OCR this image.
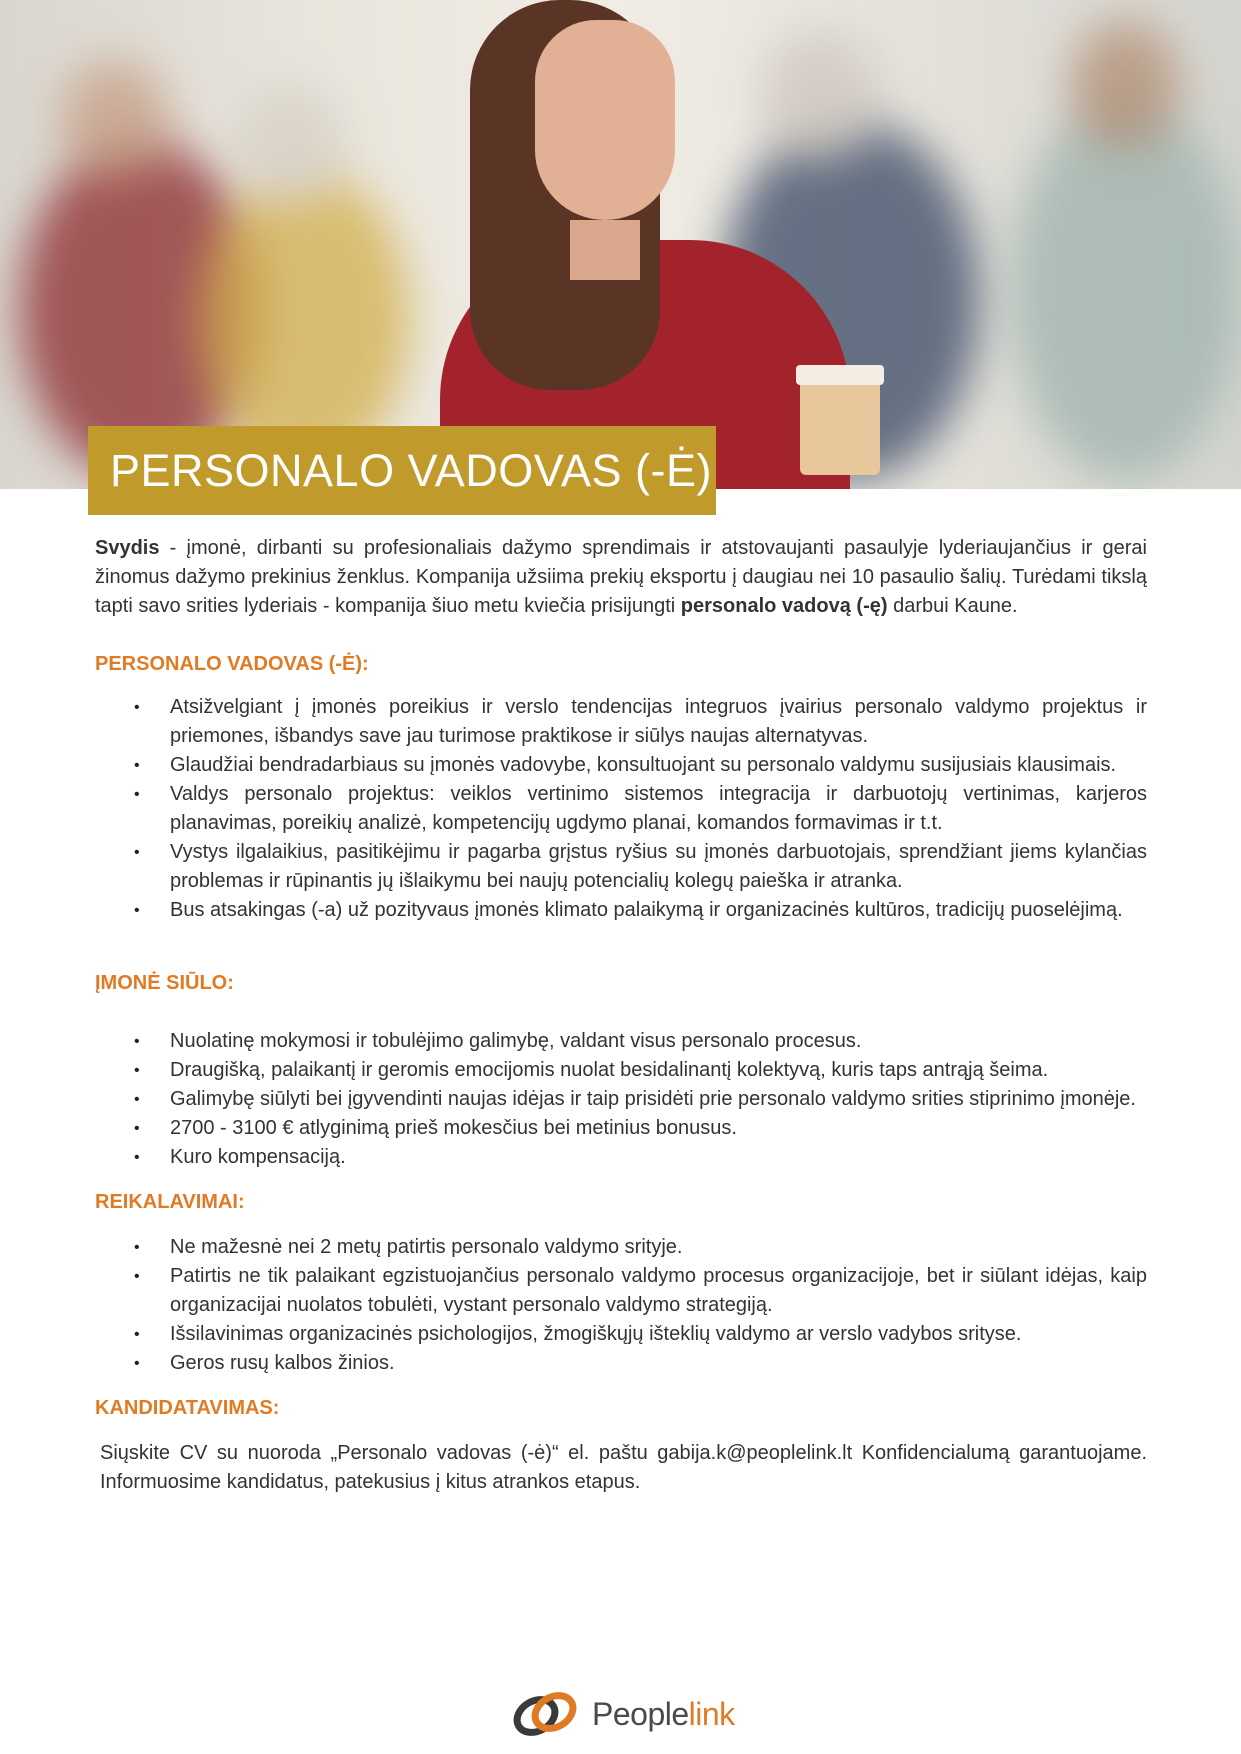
PERSONALO VADOVAS (-Ė)

Svydis - įmonė, dirbanti su profesionaliais dažymo sprendimais ir atstovaujanti pasaulyje lyderiaujančius ir gerai žinomus dažymo prekinius ženklus. Kompanija užsiima prekių eksportu į daugiau nei 10 pasaulio šalių. Turėdami tikslą tapti savo srities lyderiais - kompanija šiuo metu kviečia prisijungti personalo vadovą (-ę) darbui Kaune.

PERSONALO VADOVAS (-Ė):
• Atsižvelgiant į įmonės poreikius ir verslo tendencijas integruos įvairius personalo valdymo projektus ir priemones, išbandys save jau turimose praktikose ir siūlys naujas alternatyvas.
• Glaudžiai bendradarbiaus su įmonės vadovybe, konsultuojant su personalo valdymu susijusiais klausimais.
• Valdys personalo projektus: veiklos vertinimo sistemos integracija ir darbuotojų vertinimas, karjeros planavimas, poreikių analizė, kompetencijų ugdymo planai, komandos formavimas ir t.t.
• Vystys ilgalaikius, pasitikėjimu ir pagarba grįstus ryšius su įmonės darbuotojais, sprendžiant jiems kylančias problemas ir rūpinantis jų išlaikymu bei naujų potencialių kolegų paieška ir atranka.
• Bus atsakingas (-a) už pozityvaus įmonės klimato palaikymą ir organizacinės kultūros, tradicijų puoselėjimą.
ĮMONĖ SIŪLO:
• Nuolatinę mokymosi ir tobulėjimo galimybę, valdant visus personalo procesus.
• Draugišką, palaikantį ir geromis emocijomis nuolat besidalinantį kolektyvą, kuris taps antrąją šeima.
• Galimybę siūlyti bei įgyvendinti naujas idėjas ir taip prisidėti prie personalo valdymo srities stiprinimo įmonėje.
• 2700 - 3100 € atlyginimą prieš mokesčius bei metinius bonusus.
• Kuro kompensaciją.
REIKALAVIMAI:
• Ne mažesnė nei 2 metų patirtis personalo valdymo srityje.
• Patirtis ne tik palaikant egzistuojančius personalo valdymo procesus organizacijoje, bet ir siūlant idėjas, kaip organizacijai nuolatos tobulėti, vystant personalo valdymo strategiją.
• Išsilavinimas organizacinės psichologijos, žmogiškųjų išteklių valdymo ar verslo vadybos srityse.
• Geros rusų kalbos žinios.
KANDIDATAVIMAS:

Siųskite CV su nuoroda „Personalo vadovas (-ė)“ el. paštu gabija.k@peoplelink.lt Konfidencialumą garantuojame. Informuosime kandidatus, patekusius į kitus atrankos etapus.

Peoplelink
